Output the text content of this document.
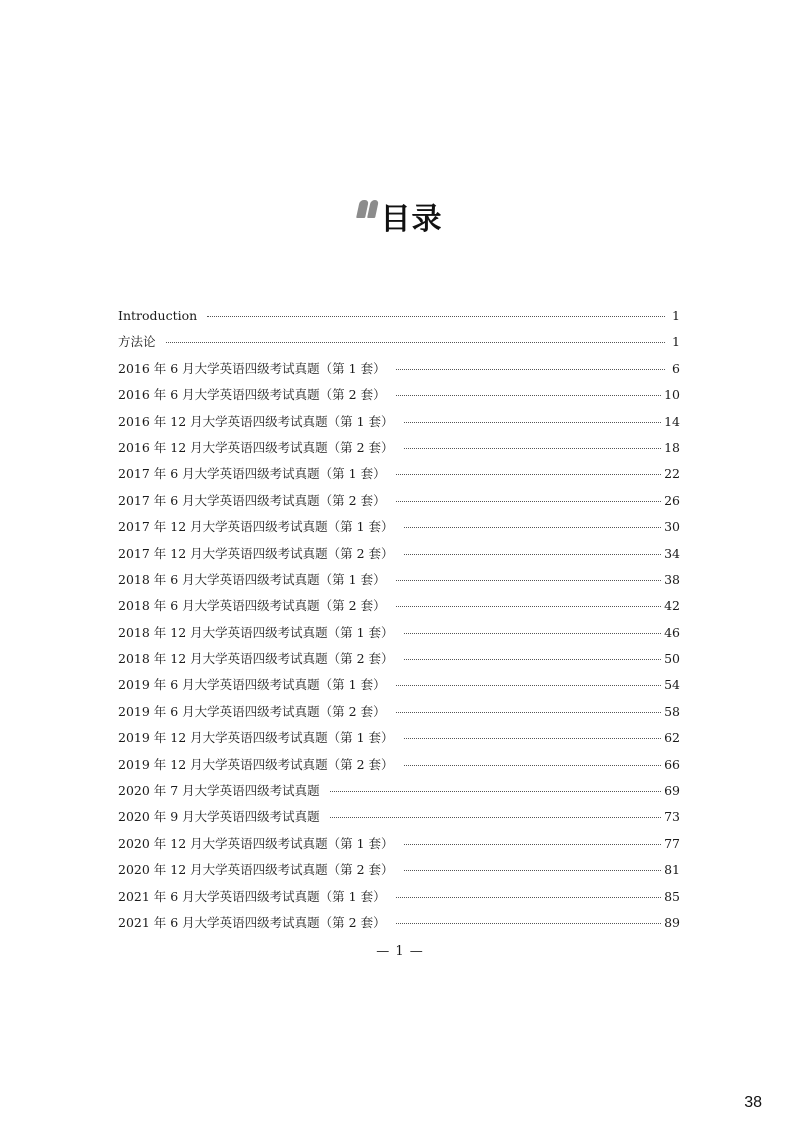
目录
Introduction	1
方法论	1
2016 年 6 月大学英语四级考试真题（第 1 套）	6
2016 年 6 月大学英语四级考试真题（第 2 套）	10
2016 年 12 月大学英语四级考试真题（第 1 套）	14
2016 年 12 月大学英语四级考试真题（第 2 套）	18
2017 年 6 月大学英语四级考试真题（第 1 套）	22
2017 年 6 月大学英语四级考试真题（第 2 套）	26
2017 年 12 月大学英语四级考试真题（第 1 套）	30
2017 年 12 月大学英语四级考试真题（第 2 套）	34
2018 年 6 月大学英语四级考试真题（第 1 套）	38
2018 年 6 月大学英语四级考试真题（第 2 套）	42
2018 年 12 月大学英语四级考试真题（第 1 套）	46
2018 年 12 月大学英语四级考试真题（第 2 套）	50
2019 年 6 月大学英语四级考试真题（第 1 套）	54
2019 年 6 月大学英语四级考试真题（第 2 套）	58
2019 年 12 月大学英语四级考试真题（第 1 套）	62
2019 年 12 月大学英语四级考试真题（第 2 套）	66
2020 年 7 月大学英语四级考试真题	69
2020 年 9 月大学英语四级考试真题	73
2020 年 12 月大学英语四级考试真题（第 1 套）	77
2020 年 12 月大学英语四级考试真题（第 2 套）	81
2021 年 6 月大学英语四级考试真题（第 1 套）	85
2021 年 6 月大学英语四级考试真题（第 2 套）	89
— 1 —
38
